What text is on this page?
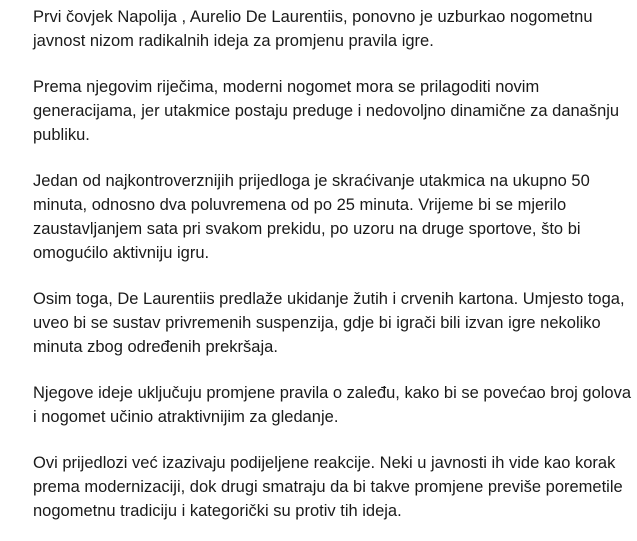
Prvi čovjek Napolija , Aurelio De Laurentiis, ponovno je uzburkao nogometnu
javnost nizom radikalnih ideja za promjenu pravila igre.

Prema njegovim riječima, moderni nogomet mora se prilagoditi novim
generacijama, jer utakmice postaju preduge i nedovoljno dinamične za današnju
publiku.

Jedan od najkontroverznijih prijedloga je skraćivanje utakmica na ukupno 50
minuta, odnosno dva poluvremena od po 25 minuta. Vrijeme bi se mjerilo
zaustavljanjem sata pri svakom prekidu, po uzoru na druge sportove, što bi
omogućilo aktivniju igru.

Osim toga, De Laurentiis predlaže ukidanje žutih i crvenih kartona. Umjesto toga,
uveo bi se sustav privremenih suspenzija, gdje bi igrači bili izvan igre nekoliko
minuta zbog određenih prekršaja.

Njegove ideje uključuju promjene pravila o zaleđu, kako bi se povećao broj golova
i nogomet učinio atraktivnijim za gledanje.

Ovi prijedlozi već izazivaju podijeljene reakcije. Neki u javnosti ih vide kao korak
prema modernizaciji, dok drugi smatraju da bi takve promjene previše poremetile
nogometnu tradiciju i kategorički su protiv tih ideja.
